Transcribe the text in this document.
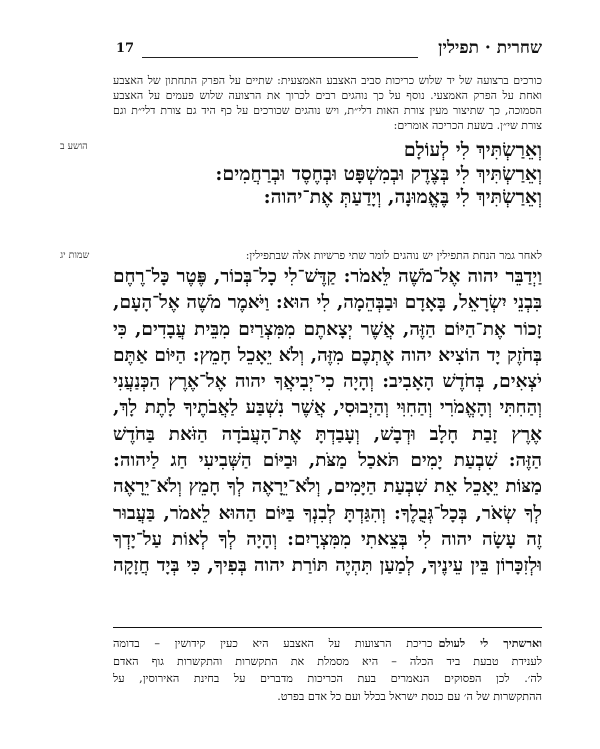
שחרית · תפילין
17
כורכים ברצועה של יד שלוש כריכות סביב האצבע האמצעית: שתיים על הפרק התחתון של האצבע ואחת על הפרק האמצעי. נוסף על כך נוהגים רבים לכרוך את הרצועה שלוש פעמים על האצבע הסמוכה, כך שתיצור מעין צורת האות דלי״ת, ויש נוהגים שכורכים על כף היד גם צורת דלי״ת וגם צורת שי״ן. בשעת הכריכה אומרים:
הושע ב	וְאֵרַשְׂתִּיךְ לִי לְעוֹלָם
וְאֵרַשְׂתִּיךְ לִי בְּצֶדֶק וּבְמִשְׁפָּט וּבְחֶסֶד וּבְרַחֲמִים:
וְאֵרַשְׂתִּיךְ לִי בֶּאֱמוּנָה, וְיָדַעַתְּ אֶת־יהוה:
לאחר גמר הנחת התפילין יש נוהגים לומר שתי פרשיות אלה שבתפילין:
שמות יג
וַיְדַבֵּר יהוה אֶל־מֹשֶׁה לֵּאמֹר: קַדֶּשׁ־לִי כָל־בְּכוֹר, פֶּטֶר כָּל־רֶחֶם
בִּבְנֵי יִשְׂרָאֵל, בָּאָדָם וּבַבְּהֵמָה, לִי הוּא: וַיֹּאמֶר מֹשֶׁה אֶל־הָעָם,
זָכוֹר אֶת־הַיּוֹם הַזֶּה, אֲשֶׁר יְצָאתֶם מִמִּצְרַיִם מִבֵּית עֲבָדִים, כִּי
בְּחֹזֶק יָד הוֹצִיא יהוה אֶתְכֶם מִזֶּה, וְלֹא יֵאָכֵל חָמֵץ: הַיּוֹם אַתֶּם
יֹצְאִים, בְּחֹדֶשׁ הָאָבִיב: וְהָיָה כִי־יְבִיאֲךָ יהוה אֶל־אֶרֶץ הַכְּנַעֲנִי
וְהַחִתִּי וְהָאֱמֹרִי וְהַחִוִּי וְהַיְבוּסִי, אֲשֶׁר נִשְׁבַּע לַאֲבֹתֶיךָ לָתֶת לָךְ,
אֶרֶץ זָבַת חָלָב וּדְבָשׁ, וְעָבַדְתָּ אֶת־הָעֲבֹדָה הַזֹּאת בַּחֹדֶשׁ
הַזֶּה: שִׁבְעַת יָמִים תֹּאכַל מַצֹּת, וּבַיּוֹם הַשְּׁבִיעִי חַג לַיהוה:
מַצּוֹת יֵאָכֵל אֵת שִׁבְעַת הַיָּמִים, וְלֹא־יֵרָאֶה לְךָ חָמֵץ וְלֹא־יֵרָאֶה
לְךָ שְׂאֹר, בְּכָל־גְּבֻלֶךָ: וְהִגַּדְתָּ לְבִנְךָ בַּיּוֹם הַהוּא לֵאמֹר, בַּעֲבוּר
זֶה עָשָׂה יהוה לִי בְּצֵאתִי מִמִּצְרָיִם: וְהָיָה לְךָ לְאוֹת עַל־יָדְךָ
וּלְזִכָּרוֹן בֵּין עֵינֶיךָ, לְמַעַן תִּהְיֶה תּוֹרַת יהוה בְּפִיךָ, כִּי בְּיָד חֲזָקָה
וארשתיך לי לעולםכריכת הרצועות על האצבע היא כעין קידושין – בדומה
לענידת טבעת ביד הכלה – היא מסמלת את התקשרות והתקשרות גוף האדם
לה׳. לכן הפסוקים הנאמרים בעת הכריכות מדברים על בחינת האירוסין, על
ההתקשרות של ה׳ עם כנסת ישראל בכלל ועם כל אדם בפרט.
